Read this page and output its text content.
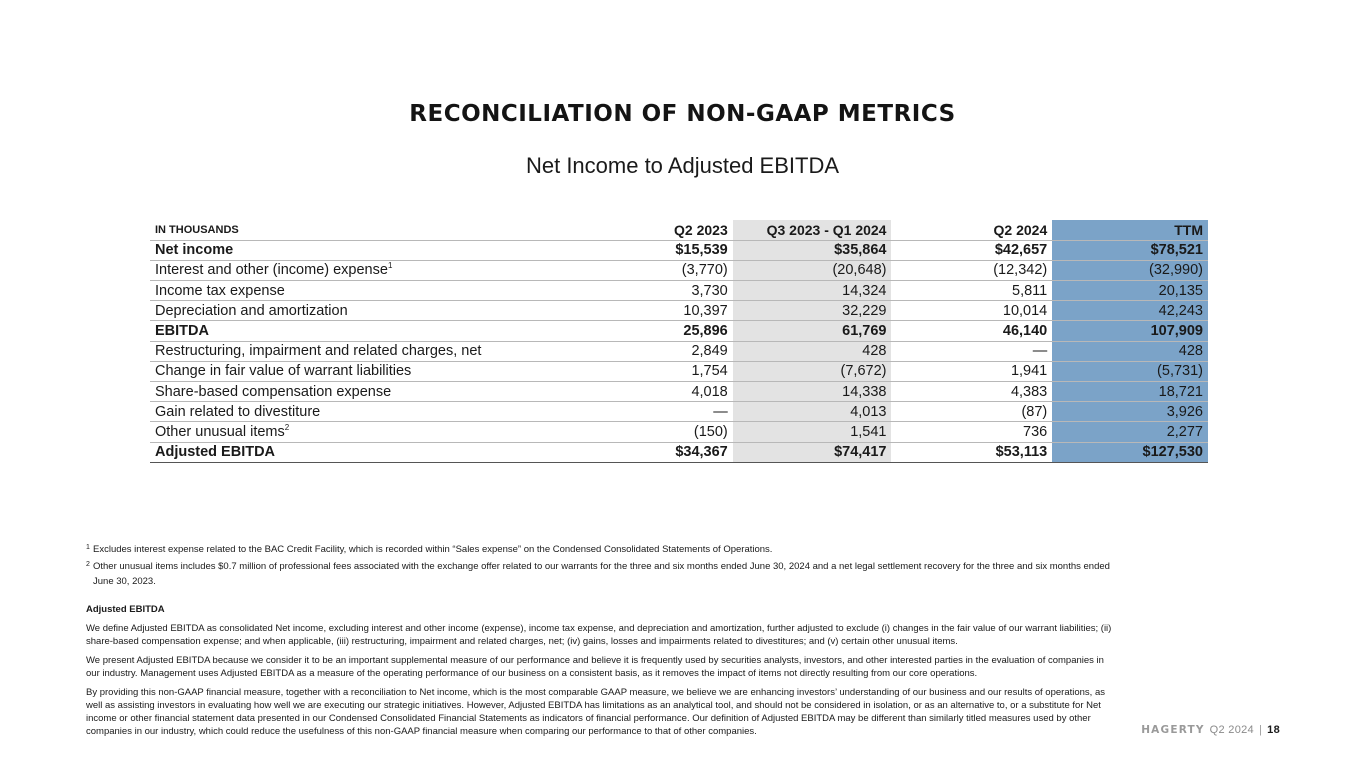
RECONCILIATION OF NON-GAAP METRICS
Net Income to Adjusted EBITDA
IN THOUSANDS	Q2 2023	Q3 2023 - Q1 2024	Q2 2024	TTM
Net income	$15,539	$35,864	$42,657	$78,521
Interest and other (income) expense$^1$	(3,770)	(20,648)	(12,342)	(32,990)
Income tax expense	3,730	14,324	5,811	20,135
Depreciation and amortization	10,397	32,229	10,014	42,243
EBITDA	25,896	61,769	46,140	107,909
Restructuring, impairment and related charges, net	2,849	428	—	428
Change in fair value of warrant liabilities	1,754	(7,672)	1,941	(5,731)
Share-based compensation expense	4,018	14,338	4,383	18,721
Gain related to divestiture	—	4,013	(87)	3,926
Other unusual items$^2$	(150)	1,541	736	2,277
Adjusted EBITDA	$34,367	$74,417	$53,113	$127,530
1 Excludes interest expense related to the BAC Credit Facility, which is recorded within “Sales expense” on the Condensed Consolidated Statements of Operations.
2 Other unusual items includes $0.7 million of professional fees associated with the exchange offer related to our warrants for the three and six months ended June 30, 2024 and a net legal settlement recovery for the three and six months ended June 30, 2023.
Adjusted EBITDA

We define Adjusted EBITDA as consolidated Net income, excluding interest and other income (expense), income tax expense, and depreciation and amortization, further adjusted to exclude (i) changes in the fair value of our warrant liabilities; (ii) share-based compensation expense; and when applicable, (iii) restructuring, impairment and related charges, net; (iv) gains, losses and impairments related to divestitures; and (v) certain other unusual items.

We present Adjusted EBITDA because we consider it to be an important supplemental measure of our performance and believe it is frequently used by securities analysts, investors, and other interested parties in the evaluation of companies in our industry. Management uses Adjusted EBITDA as a measure of the operating performance of our business on a consistent basis, as it removes the impact of items not directly resulting from our core operations.

By providing this non-GAAP financial measure, together with a reconciliation to Net income, which is the most comparable GAAP measure, we believe we are enhancing investors’ understanding of our business and our results of operations, as well as assisting investors in evaluating how well we are executing our strategic initiatives. However, Adjusted EBITDA has limitations as an analytical tool, and should not be considered in isolation, or as an alternative to, or a substitute for Net income or other financial statement data presented in our Condensed Consolidated Financial Statements as indicators of financial performance. Our definition of Adjusted EBITDA may be different than similarly titled measures used by other companies in our industry, which could reduce the usefulness of this non-GAAP financial measure when comparing our performance to that of other companies.	HAGERTY Q2 2024 | 18
